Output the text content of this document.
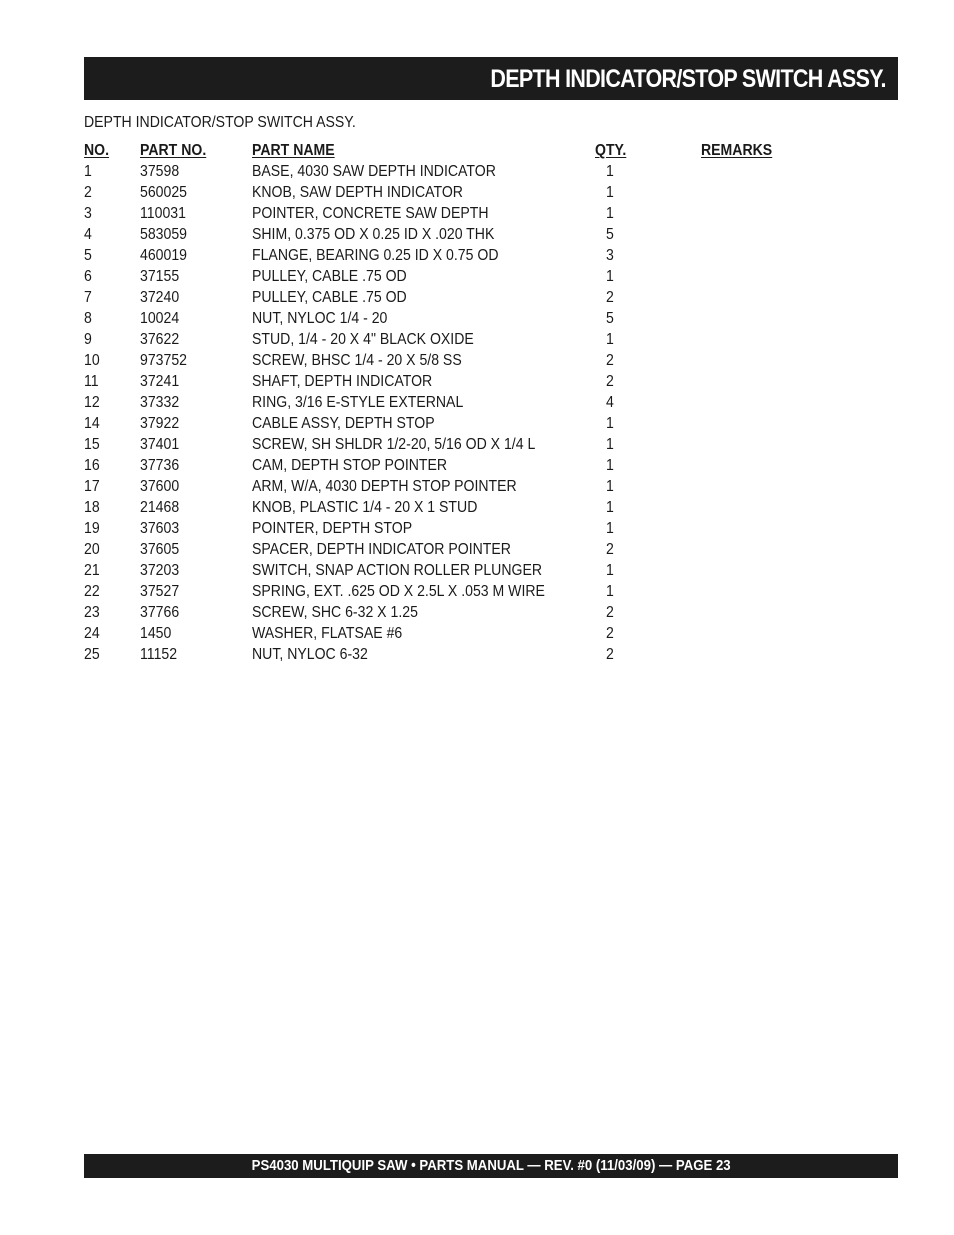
DEPTH INDICATOR/STOP SWITCH ASSY.
DEPTH INDICATOR/STOP SWITCH ASSY.
NO. PART NO.	PART NAME	QTY.	REMARKS
1	37598	BASE, 4030 SAW DEPTH INDICATOR	1
2	560025	KNOB, SAW DEPTH INDICATOR	1
3	110031	POINTER, CONCRETE SAW DEPTH	1
4	583059	SHIM, 0.375 OD X 0.25 ID X .020 THK	5
5	460019	FLANGE, BEARING 0.25 ID X 0.75 OD	3
6	37155	PULLEY, CABLE .75 OD	1
7	37240	PULLEY, CABLE .75 OD	2
8	10024	NUT, NYLOC 1/4 - 20	5
9	37622	STUD, 1/4 - 20 X 4" BLACK OXIDE	1
10	973752	SCREW, BHSC 1/4 - 20 X 5/8 SS	2
11	37241	SHAFT, DEPTH INDICATOR	2
12	37332	RING, 3/16 E-STYLE EXTERNAL	4
14	37922	CABLE ASSY, DEPTH STOP	1
15	37401	SCREW, SH SHLDR 1/2-20, 5/16 OD X 1/4 L	1
16	37736	CAM, DEPTH STOP POINTER	1
17	37600	ARM, W/A, 4030 DEPTH STOP POINTER	1
18	21468	KNOB, PLASTIC 1/4 - 20 X 1 STUD	1
19	37603	POINTER, DEPTH STOP	1
20	37605	SPACER, DEPTH INDICATOR POINTER	2
21	37203	SWITCH, SNAP ACTION ROLLER PLUNGER	1
22	37527	SPRING, EXT. .625 OD X 2.5L X .053 M WIRE	1
23	37766	SCREW, SHC 6-32 X 1.25	2
24	1450	WASHER, FLATSAE #6	2
25	11152	NUT, NYLOC 6-32	2
PS4030 MULTIQUIP SAW • PARTS MANUAL — REV. #0 (11/03/09) — PAGE 23
